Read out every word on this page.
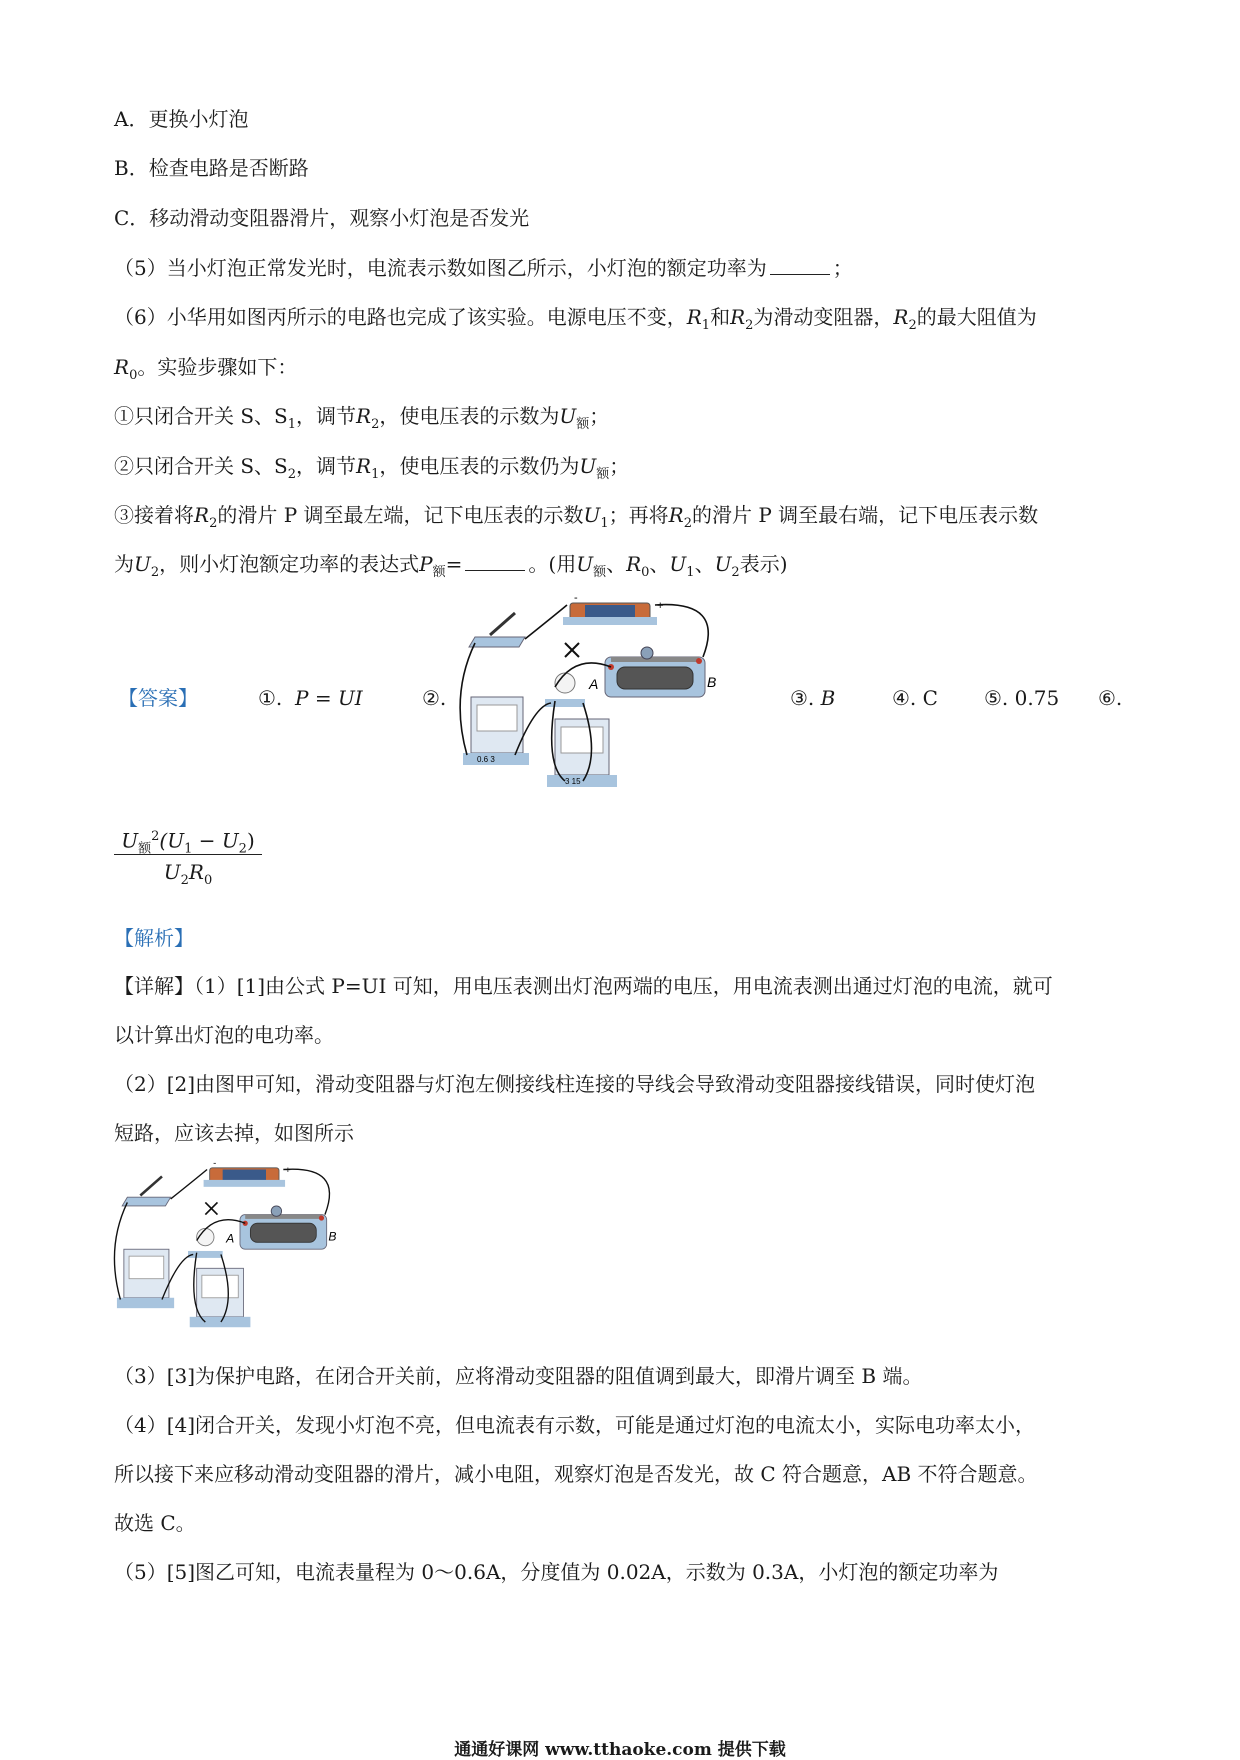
A．更换小灯泡
B．检查电路是否断路
C．移动滑动变阻器滑片，观察小灯泡是否发光
（5）当小灯泡正常发光时，电流表示数如图乙所示，小灯泡的额定功率为	；
（6）小华用如图丙所示的电路也完成了该实验。电源电压不变，$R_1$和$R_2$为滑动变阻器，$R_2$的最大阻值为
$R_0$。实验步骤如下：
①只闭合开关 S、$S_1$，调节$R_2$，使电压表的示数为$U_额$；
②只闭合开关 S、$S_2$，调节$R_1$，使电压表的示数仍为$U_额$；
③接着将$R_2$的滑片 P 调至最左端，记下电压表的示数$U_1$；再将$R_2$的滑片 P 调至最右端，记下电压表示数
为$U_2$，则小灯泡额定功率的表达式$P_额=$	。(用$U_额$、$R_0$、$U_1$、$U_2$表示)
【答案】	①. P = UI	②.
-
+
A	B
0.6 3
3 15
③. B	④. C ⑤. 0.75 ⑥.
$U_额^2(U_1 - U_2)$
$U_2R_0$
【解析】
【详解】（1）[1]由公式 P=UI 可知，用电压表测出灯泡两端的电压，用电流表测出通过灯泡的电流，就可
以计算出灯泡的电功率。
（2）[2]由图甲可知，滑动变阻器与灯泡左侧接线柱连接的导线会导致滑动变阻器接线错误，同时使灯泡
短路，应该去掉，如图所示
-
+
A	B
（3）[3]为保护电路，在闭合开关前，应将滑动变阻器的阻值调到最大，即滑片调至 B 端。
（4）[4]闭合开关，发现小灯泡不亮，但电流表有示数，可能是通过灯泡的电流太小，实际电功率太小，
所以接下来应移动滑动变阻器的滑片，减小电阻，观察灯泡是否发光，故 C 符合题意，AB 不符合题意。
故选 C。
（5）[5]图乙可知，电流表量程为 0～0.6A，分度值为 0.02A，示数为 0.3A，小灯泡的额定功率为
通通好课网 www.tthaoke.com 提供下载
